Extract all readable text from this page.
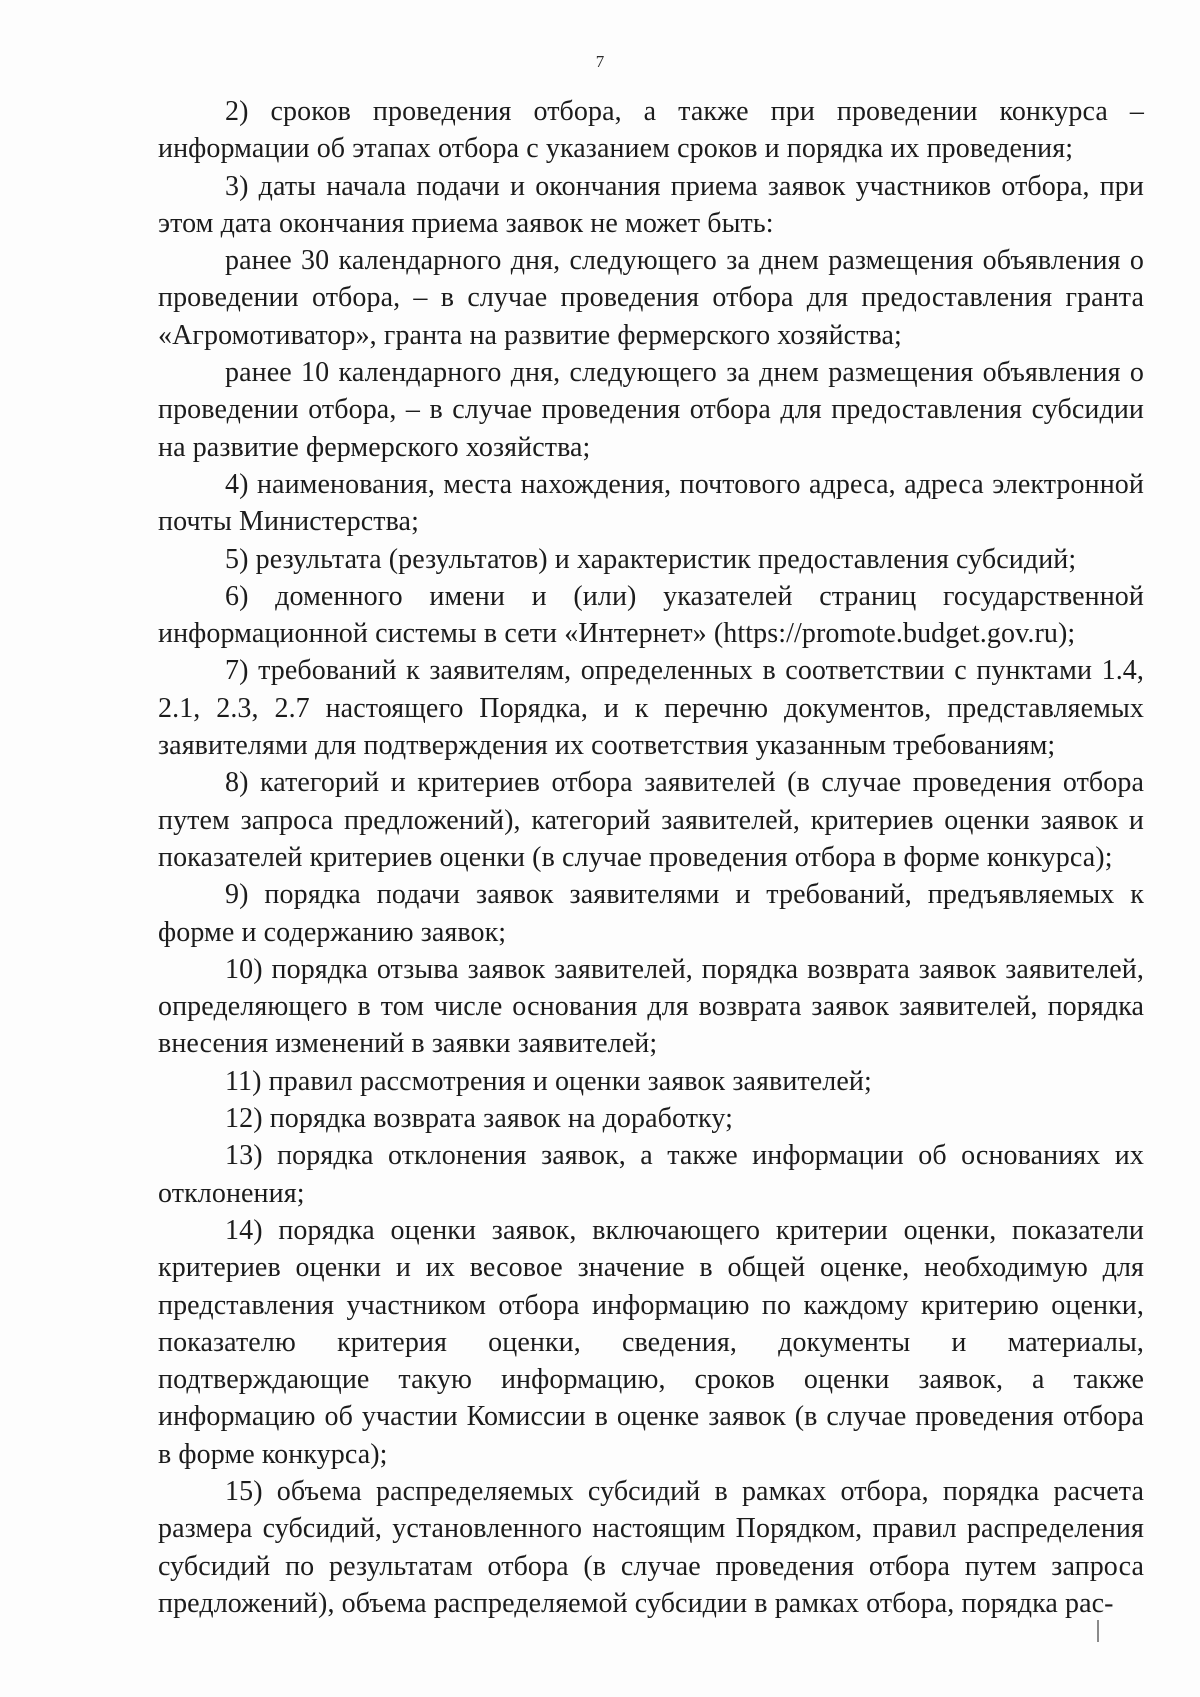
7

2) сроков проведения отбора, а также при проведении конкурса – информации об этапах отбора с указанием сроков и порядка их проведения;

3) даты начала подачи и окончания приема заявок участников отбора, при этом дата окончания приема заявок не может быть:

ранее 30 календарного дня, следующего за днем размещения объявления о проведении отбора, – в случае проведения отбора для предоставления гранта «Агромотиватор», гранта на развитие фермерского хозяйства;

ранее 10 календарного дня, следующего за днем размещения объявления о проведении отбора, – в случае проведения отбора для предоставления субсидии на развитие фермерского хозяйства;

4) наименования, места нахождения, почтового адреса, адреса электронной почты Министерства;

5) результата (результатов) и характеристик предоставления субсидий;

6) доменного имени и (или) указателей страниц государственной информационной системы в сети «Интернет» (https://promote.budget.gov.ru);

7) требований к заявителям, определенных в соответствии с пунктами 1.4, 2.1, 2.3, 2.7 настоящего Порядка, и к перечню документов, представляемых заявителями для подтверждения их соответствия указанным требованиям;

8) категорий и критериев отбора заявителей (в случае проведения отбора путем запроса предложений), категорий заявителей, критериев оценки заявок и показателей критериев оценки (в случае проведения отбора в форме конкурса);

9) порядка подачи заявок заявителями и требований, предъявляемых к форме и содержанию заявок;

10) порядка отзыва заявок заявителей, порядка возврата заявок заявителей, определяющего в том числе основания для возврата заявок заявителей, порядка внесения изменений в заявки заявителей;

11) правил рассмотрения и оценки заявок заявителей;

12) порядка возврата заявок на доработку;

13) порядка отклонения заявок, а также информации об основаниях их отклонения;

14) порядка оценки заявок, включающего критерии оценки, показатели критериев оценки и их весовое значение в общей оценке, необходимую для представления участником отбора информацию по каждому критерию оценки, показателю критерия оценки, сведения, документы и материалы, подтверждающие такую информацию, сроков оценки заявок, а также информацию об участии Комиссии в оценке заявок (в случае проведения отбора в форме конкурса);

15) объема распределяемых субсидий в рамках отбора, порядка расчета размера субсидий, установленного настоящим Порядком, правил распределения субсидий по результатам отбора (в случае проведения отбора путем запроса предложений), объема распределяемой субсидии в рамках отбора, порядка рас-
